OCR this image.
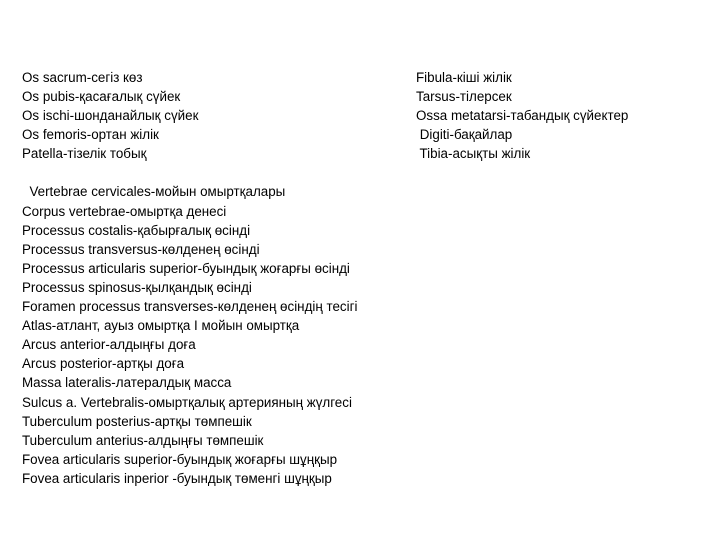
Os sacrum-сегіз көз
Os pubis-қасағалық сүйек
Os ischi-шонданайлық сүйек
Os femoris-ортан жілік
Patella-тізелік тобық
Fibula-кіші жілік
Tarsus-тілерсек
Ossa metatarsi-табандық сүйектер
Digiti-бақайлар
Tibia-асықты жілік
Vertebrae cervicales-мойын омыртқалары
Corpus vertebrae-омыртқа денесі
Processus costalis-қабырғалық өсінді
Processus transversus-көлденең өсінді
Processus articularis superior-буындық жоғарғы өсінді
Processus spinosus-қылқандық өсінді
Foramen processus transverses-көлденең өсіндің тесігі
Atlas-атлант, ауыз омыртқа І мойын омыртқа
Arcus anterior-алдыңғы доға
Arcus posterior-артқы доға
Massa lateralis-латералдық масса
Sulcus a. Vertebralis-омыртқалық артерияның жүлгесі
Tuberculum posterius-артқы төмпешік
Tuberculum anterius-алдыңғы төмпешік
Fovea articularis superior-буындық жоғарғы шұңқыр
Fovea articularis inperior -буындық төменгі шұңқыр
